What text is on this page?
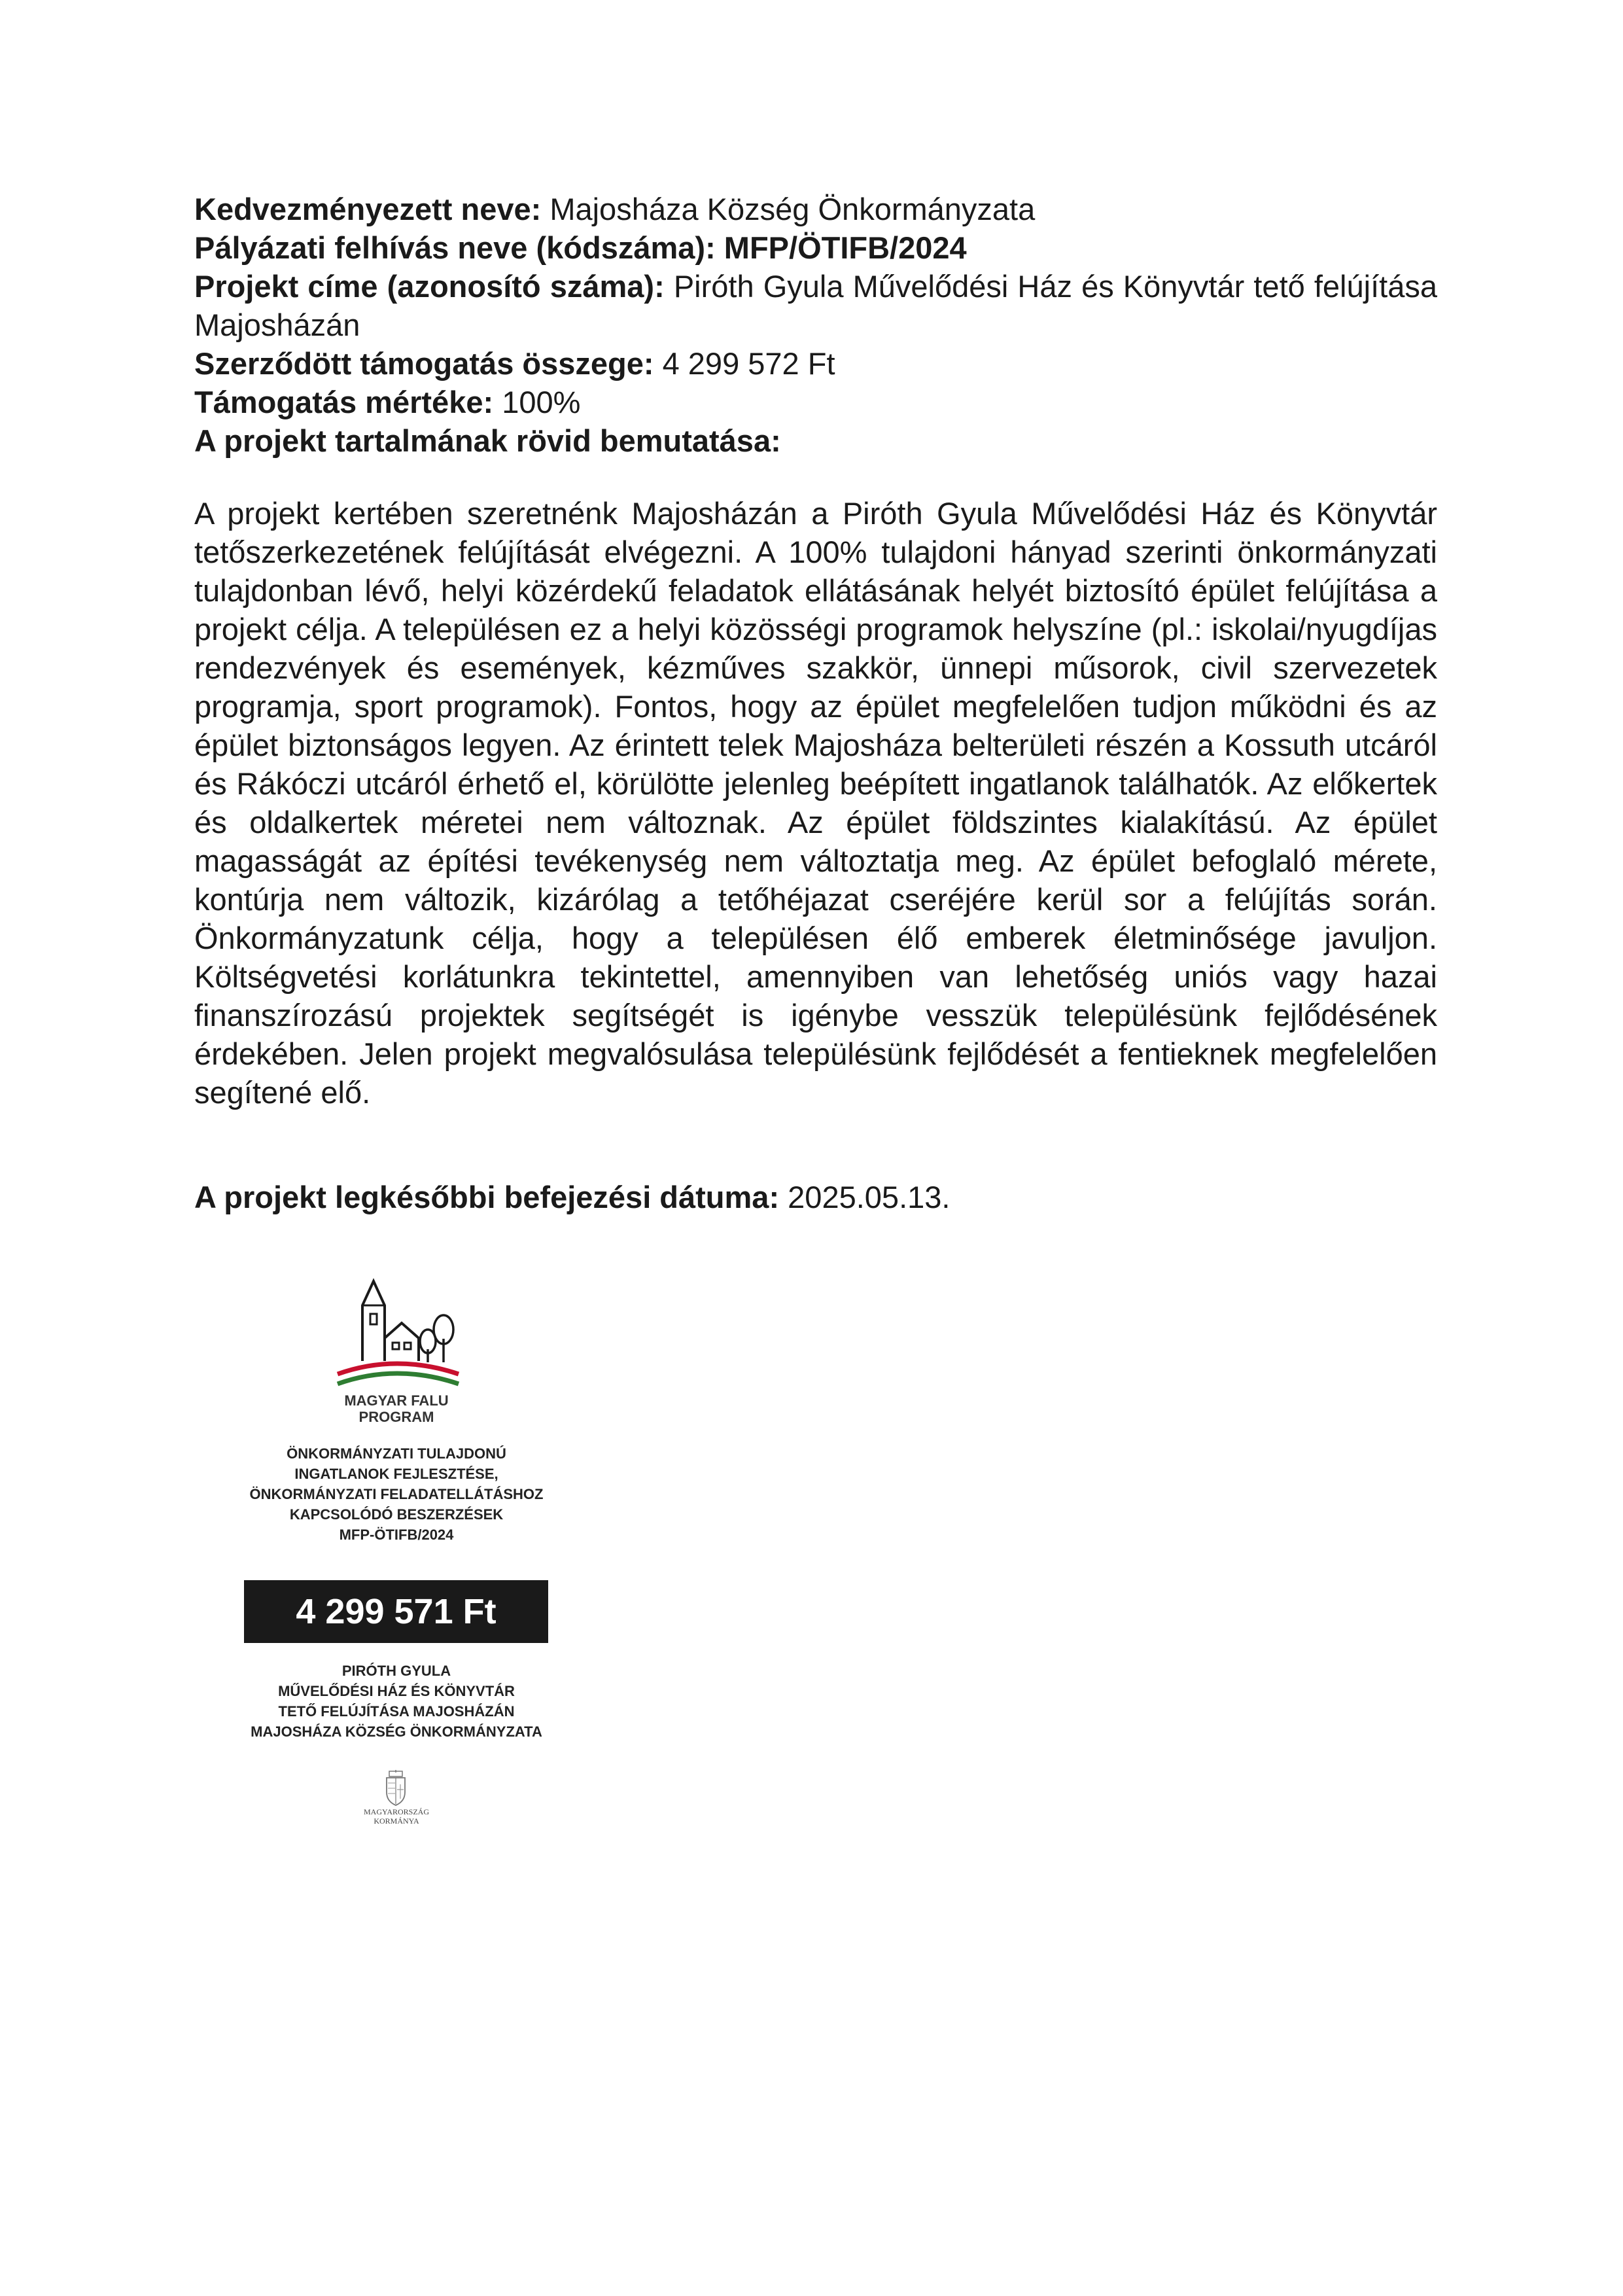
Kedvezményezett neve: Majosháza Község Önkormányzata

Pályázati felhívás neve (kódszáma): MFP/ÖTIFB/2024

Projekt címe (azonosító száma): Piróth Gyula Művelődési Ház és Könyvtár tető felújítása Majosházán

Szerződött támogatás összege: 4 299 572 Ft

Támogatás mértéke: 100%

A projekt tartalmának rövid bemutatása:

A projekt kertében szeretnénk Majosházán a Piróth Gyula Művelődési Ház és Könyvtár tetőszerkezetének felújítását elvégezni. A 100% tulajdoni hányad szerinti önkormányzati tulajdonban lévő, helyi közérdekű feladatok ellátásának helyét biztosító épület felújítása a projekt célja. A településen ez a helyi közösségi programok helyszíne (pl.: iskolai/nyugdíjas rendezvények és események, kézműves szakkör, ünnepi műsorok, civil szervezetek programja, sport programok). Fontos, hogy az épület megfelelően tudjon működni és az épület biztonságos legyen. Az érintett telek Majosháza belterületi részén a Kossuth utcáról és Rákóczi utcáról érhető el, körülötte jelenleg beépített ingatlanok találhatók. Az előkertek és oldalkertek méretei nem változnak. Az épület földszintes kialakítású. Az épület magasságát az építési tevékenység nem változtatja meg. Az épület befoglaló mérete, kontúrja nem változik, kizárólag a tetőhéjazat cseréjére kerül sor a felújítás során. Önkormányzatunk célja, hogy a településen élő emberek életminősége javuljon. Költségvetési korlátunkra tekintettel, amennyiben van lehetőség uniós vagy hazai finanszírozású projektek segítségét is igénybe vesszük településünk fejlődésének érdekében. Jelen projekt megvalósulása településünk fejlődését a fentieknek megfelelően segítené elő.

A projekt legkésőbbi befejezési dátuma: 2025.05.13.

MAGYAR FALU
PROGRAM
ÖNKORMÁNYZATI TULAJDONÚ
INGATLANOK FEJLESZTÉSE,
ÖNKORMÁNYZATI FELADATELLÁTÁSHOZ
KAPCSOLÓDÓ BESZERZÉSEK
MFP-ÖTIFB/2024
4 299 571 Ft
PIRÓTH GYULA
MŰVELŐDÉSI HÁZ ÉS KÖNYVTÁR
TETŐ FELÚJÍTÁSA MAJOSHÁZÁN
MAJOSHÁZA KÖZSÉG ÖNKORMÁNYZATA
MAGYARORSZÁG
KORMÁNYA
